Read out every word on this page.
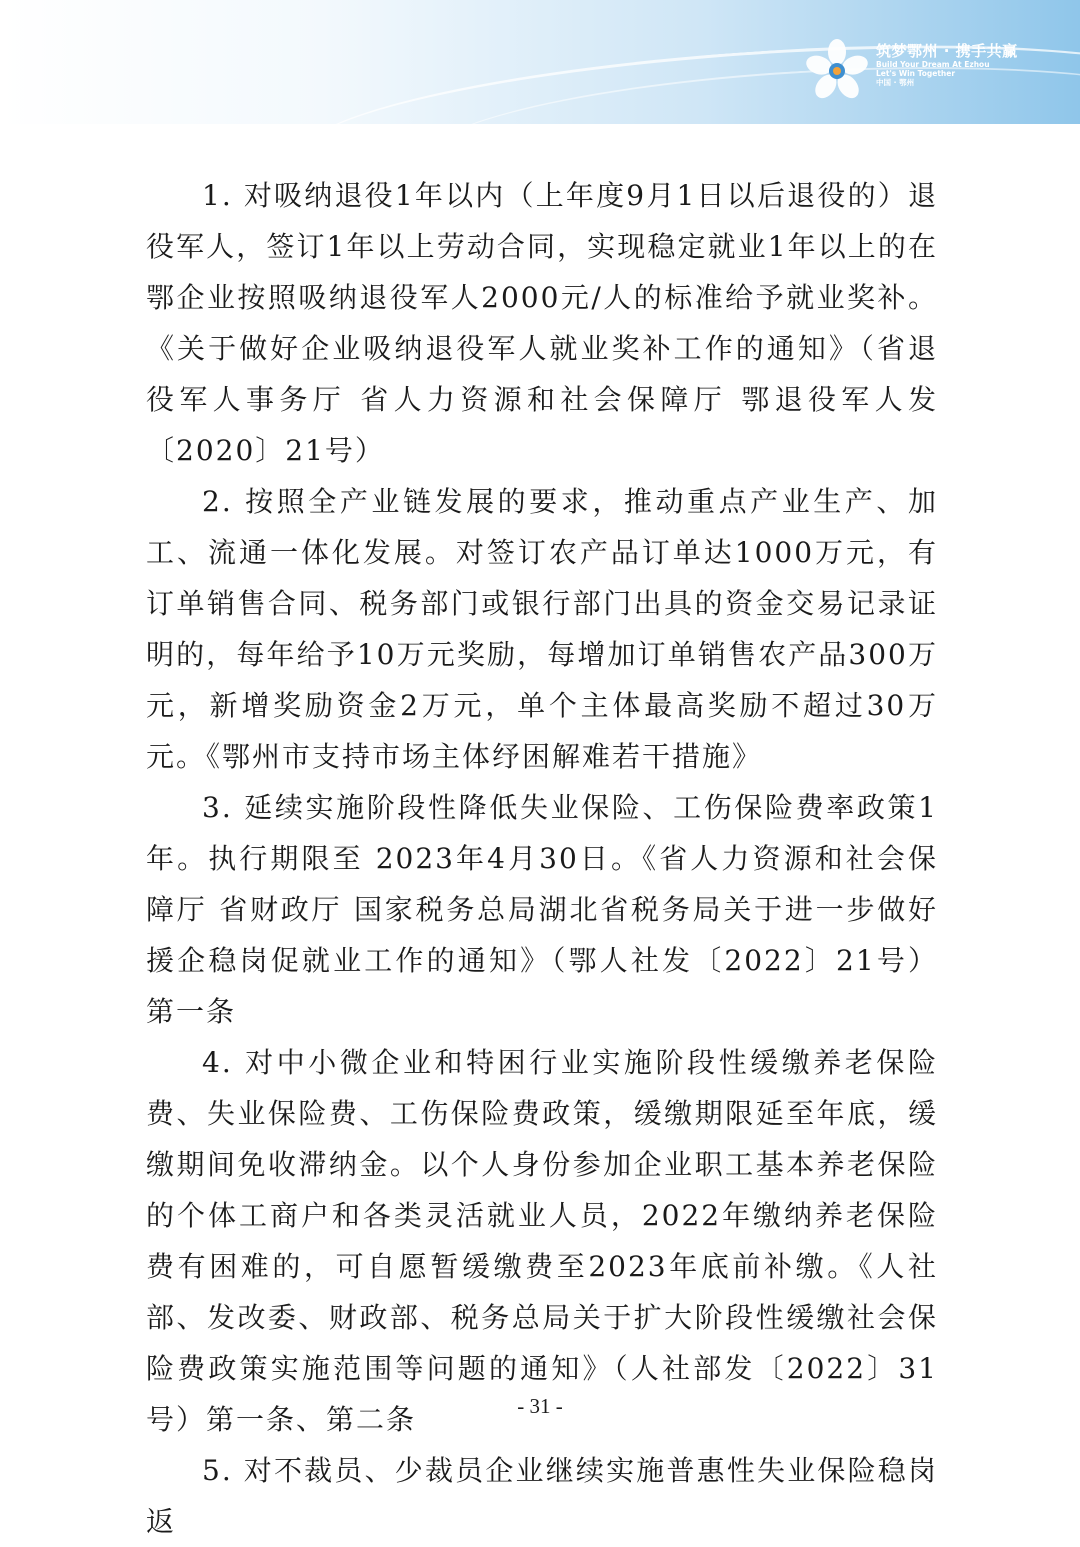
筑梦鄂州 · 携手共赢
Build Your Dream At Ezhou
Let's Win Together
中国 · 鄂州

1. 对吸纳退役1年以内（上年度9月1日以后退役的）退役军人，签订1年以上劳动合同，实现稳定就业1年以上的在鄂企业按照吸纳退役军人2000元/人的标准给予就业奖补。《关于做好企业吸纳退役军人就业奖补工作的通知》（省退役军人事务厅 省人力资源和社会保障厅 鄂退役军人发〔2020〕21号）

2. 按照全产业链发展的要求，推动重点产业生产、加工、流通一体化发展。对签订农产品订单达1000万元，有订单销售合同、税务部门或银行部门出具的资金交易记录证明的，每年给予10万元奖励，每增加订单销售农产品300万元，新增奖励资金2万元，单个主体最高奖励不超过30万元。《鄂州市支持市场主体纾困解难若干措施》

3. 延续实施阶段性降低失业保险、工伤保险费率政策1年。执行期限至 2023年4月30日。《省人力资源和社会保障厅 省财政厅 国家税务总局湖北省税务局关于进一步做好援企稳岗促就业工作的通知》（鄂人社发〔2022〕21号）第一条

4. 对中小微企业和特困行业实施阶段性缓缴养老保险费、失业保险费、工伤保险费政策，缓缴期限延至年底，缓缴期间免收滞纳金。以个人身份参加企业职工基本养老保险的个体工商户和各类灵活就业人员，2022年缴纳养老保险费有困难的，可自愿暂缓缴费至2023年底前补缴。《人社部、发改委、财政部、税务总局关于扩大阶段性缓缴社会保险费政策实施范围等问题的通知》（人社部发〔2022〕31号）第一条、第二条

5. 对不裁员、少裁员企业继续实施普惠性失业保险稳岗返

- 31 -
